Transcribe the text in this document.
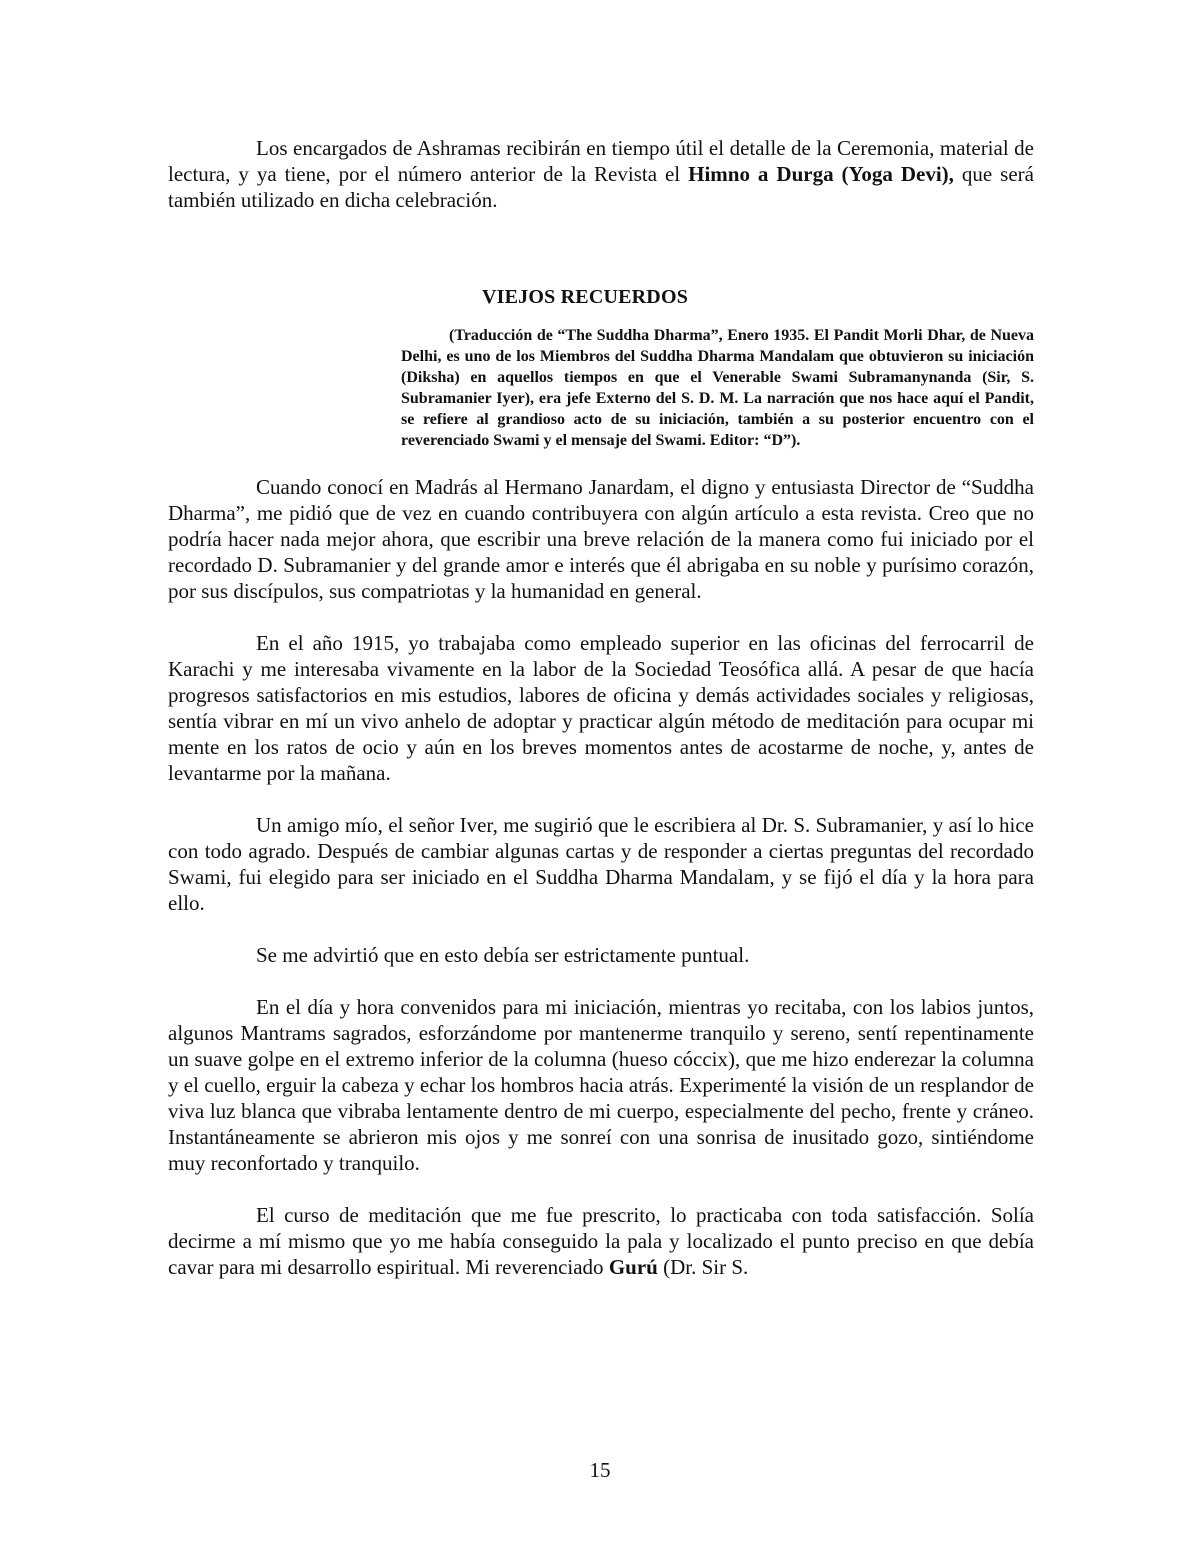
Los encargados de Ashramas recibirán en tiempo útil el detalle de la Ceremonia, material de lectura, y ya tiene, por el número anterior de la Revista el Himno a Durga (Yoga Devi), que será también utilizado en dicha celebración.

VIEJOS RECUERDOS

(Traducción de “The Suddha Dharma”, Enero 1935. El Pandit Morli Dhar, de Nueva Delhi, es uno de los Miembros del Suddha Dharma Mandalam que obtuvieron su iniciación (Diksha) en aquellos tiempos en que el Venerable Swami Subramanynanda (Sir, S. Subramanier Iyer), era jefe Externo del S. D. M. La narración que nos hace aquí el Pandit, se refiere al grandioso acto de su iniciación, también a su posterior encuentro con el reverenciado Swami y el mensaje del Swami. Editor: “D”).

Cuando conocí en Madrás al Hermano Janardam, el digno y entusiasta Director de “Suddha Dharma”, me pidió que de vez en cuando contribuyera con algún artículo a esta revista. Creo que no podría hacer nada mejor ahora, que escribir una breve relación de la manera como fui iniciado por el recordado D. Subramanier y del grande amor e interés que él abrigaba en su noble y purísimo corazón, por sus discípulos, sus compatriotas y la humanidad en general.

En el año 1915, yo trabajaba como empleado superior en las oficinas del ferrocarril de Karachi y me interesaba vivamente en la labor de la Sociedad Teosófica allá. A pesar de que hacía progresos satisfactorios en mis estudios, labores de oficina y demás actividades sociales y religiosas, sentía vibrar en mí un vivo anhelo de adoptar y practicar algún método de meditación para ocupar mi mente en los ratos de ocio y aún en los breves momentos antes de acostarme de noche, y, antes de levantarme por la mañana.

Un amigo mío, el señor Iver, me sugirió que le escribiera al Dr. S. Subramanier, y así lo hice con todo agrado. Después de cambiar algunas cartas y de responder a ciertas preguntas del recordado Swami, fui elegido para ser iniciado en el Suddha Dharma Mandalam, y se fijó el día y la hora para ello.

Se me advirtió que en esto debía ser estrictamente puntual.

En el día y hora convenidos para mi iniciación, mientras yo recitaba, con los labios juntos, algunos Mantrams sagrados, esforzándome por mantenerme tranquilo y sereno, sentí repentinamente un suave golpe en el extremo inferior de la columna (hueso cóccix), que me hizo enderezar la columna y el cuello, erguir la cabeza y echar los hombros hacia atrás. Experimenté la visión de un resplandor de viva luz blanca que vibraba lentamente dentro de mi cuerpo, especialmente del pecho, frente y cráneo. Instantáneamente se abrieron mis ojos y me sonreí con una sonrisa de inusitado gozo, sintiéndome muy reconfortado y tranquilo.

El curso de meditación que me fue prescrito, lo practicaba con toda satisfacción. Solía decirme a mí mismo que yo me había conseguido la pala y localizado el punto preciso en que debía cavar para mi desarrollo espiritual. Mi reverenciado Gurú (Dr. Sir S.

15
